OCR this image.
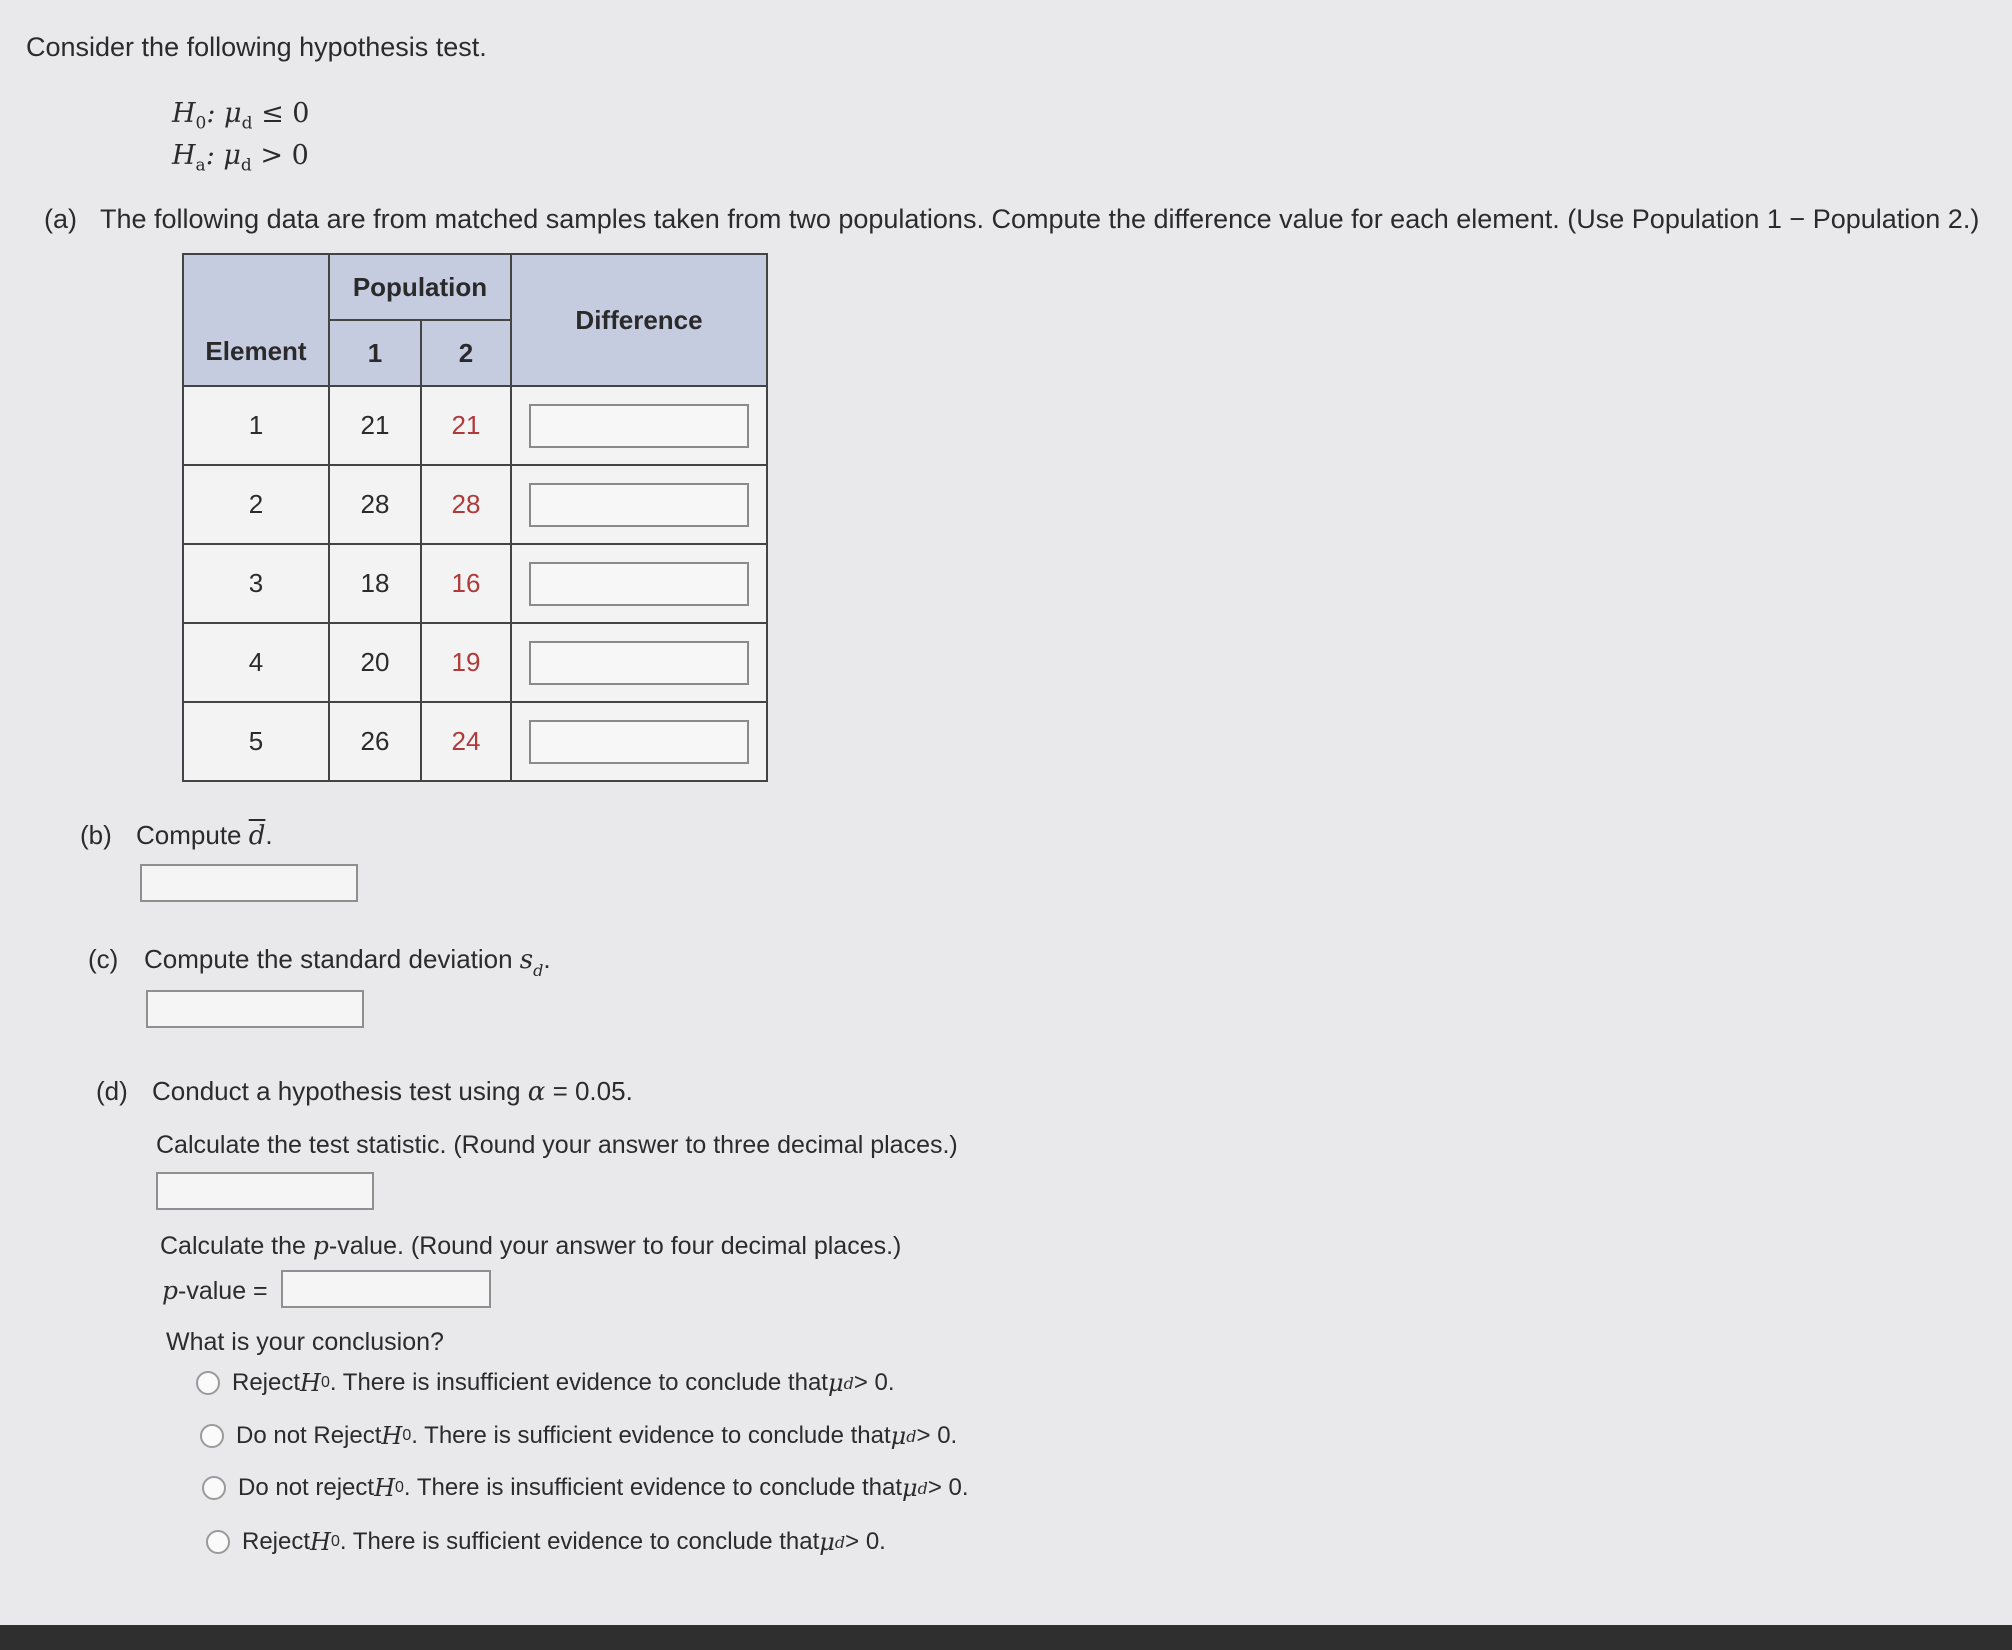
Consider the following hypothesis test.
$H_0$: $\mu_d \le 0$
$H_a$: $\mu_d > 0$
(a) The following data are from matched samples taken from two populations. Compute the difference value for each element. (Use Population 1 − Population 2.)
Element	Population		Difference
	1	2	
1	21	21	

2	28	28	

3	18	16	

4	20	19	

5	26	24	
(b) Compute $\overline{d}$.
(c) Compute the standard deviation $s_d$.
(d) Conduct a hypothesis test using α = 0.05.
Calculate the test statistic. (Round your answer to three decimal places.)
Calculate the p-value. (Round your answer to four decimal places.)
p-value =
What is your conclusion?
Reject H 0 . There is insufficient evidence to conclude that μ d > 0.
Do not Reject H 0 . There is sufficient evidence to conclude that μ d > 0.
Do not reject H 0 . There is insufficient evidence to conclude that μ d > 0.
Reject H 0 . There is sufficient evidence to conclude that μ d > 0.
